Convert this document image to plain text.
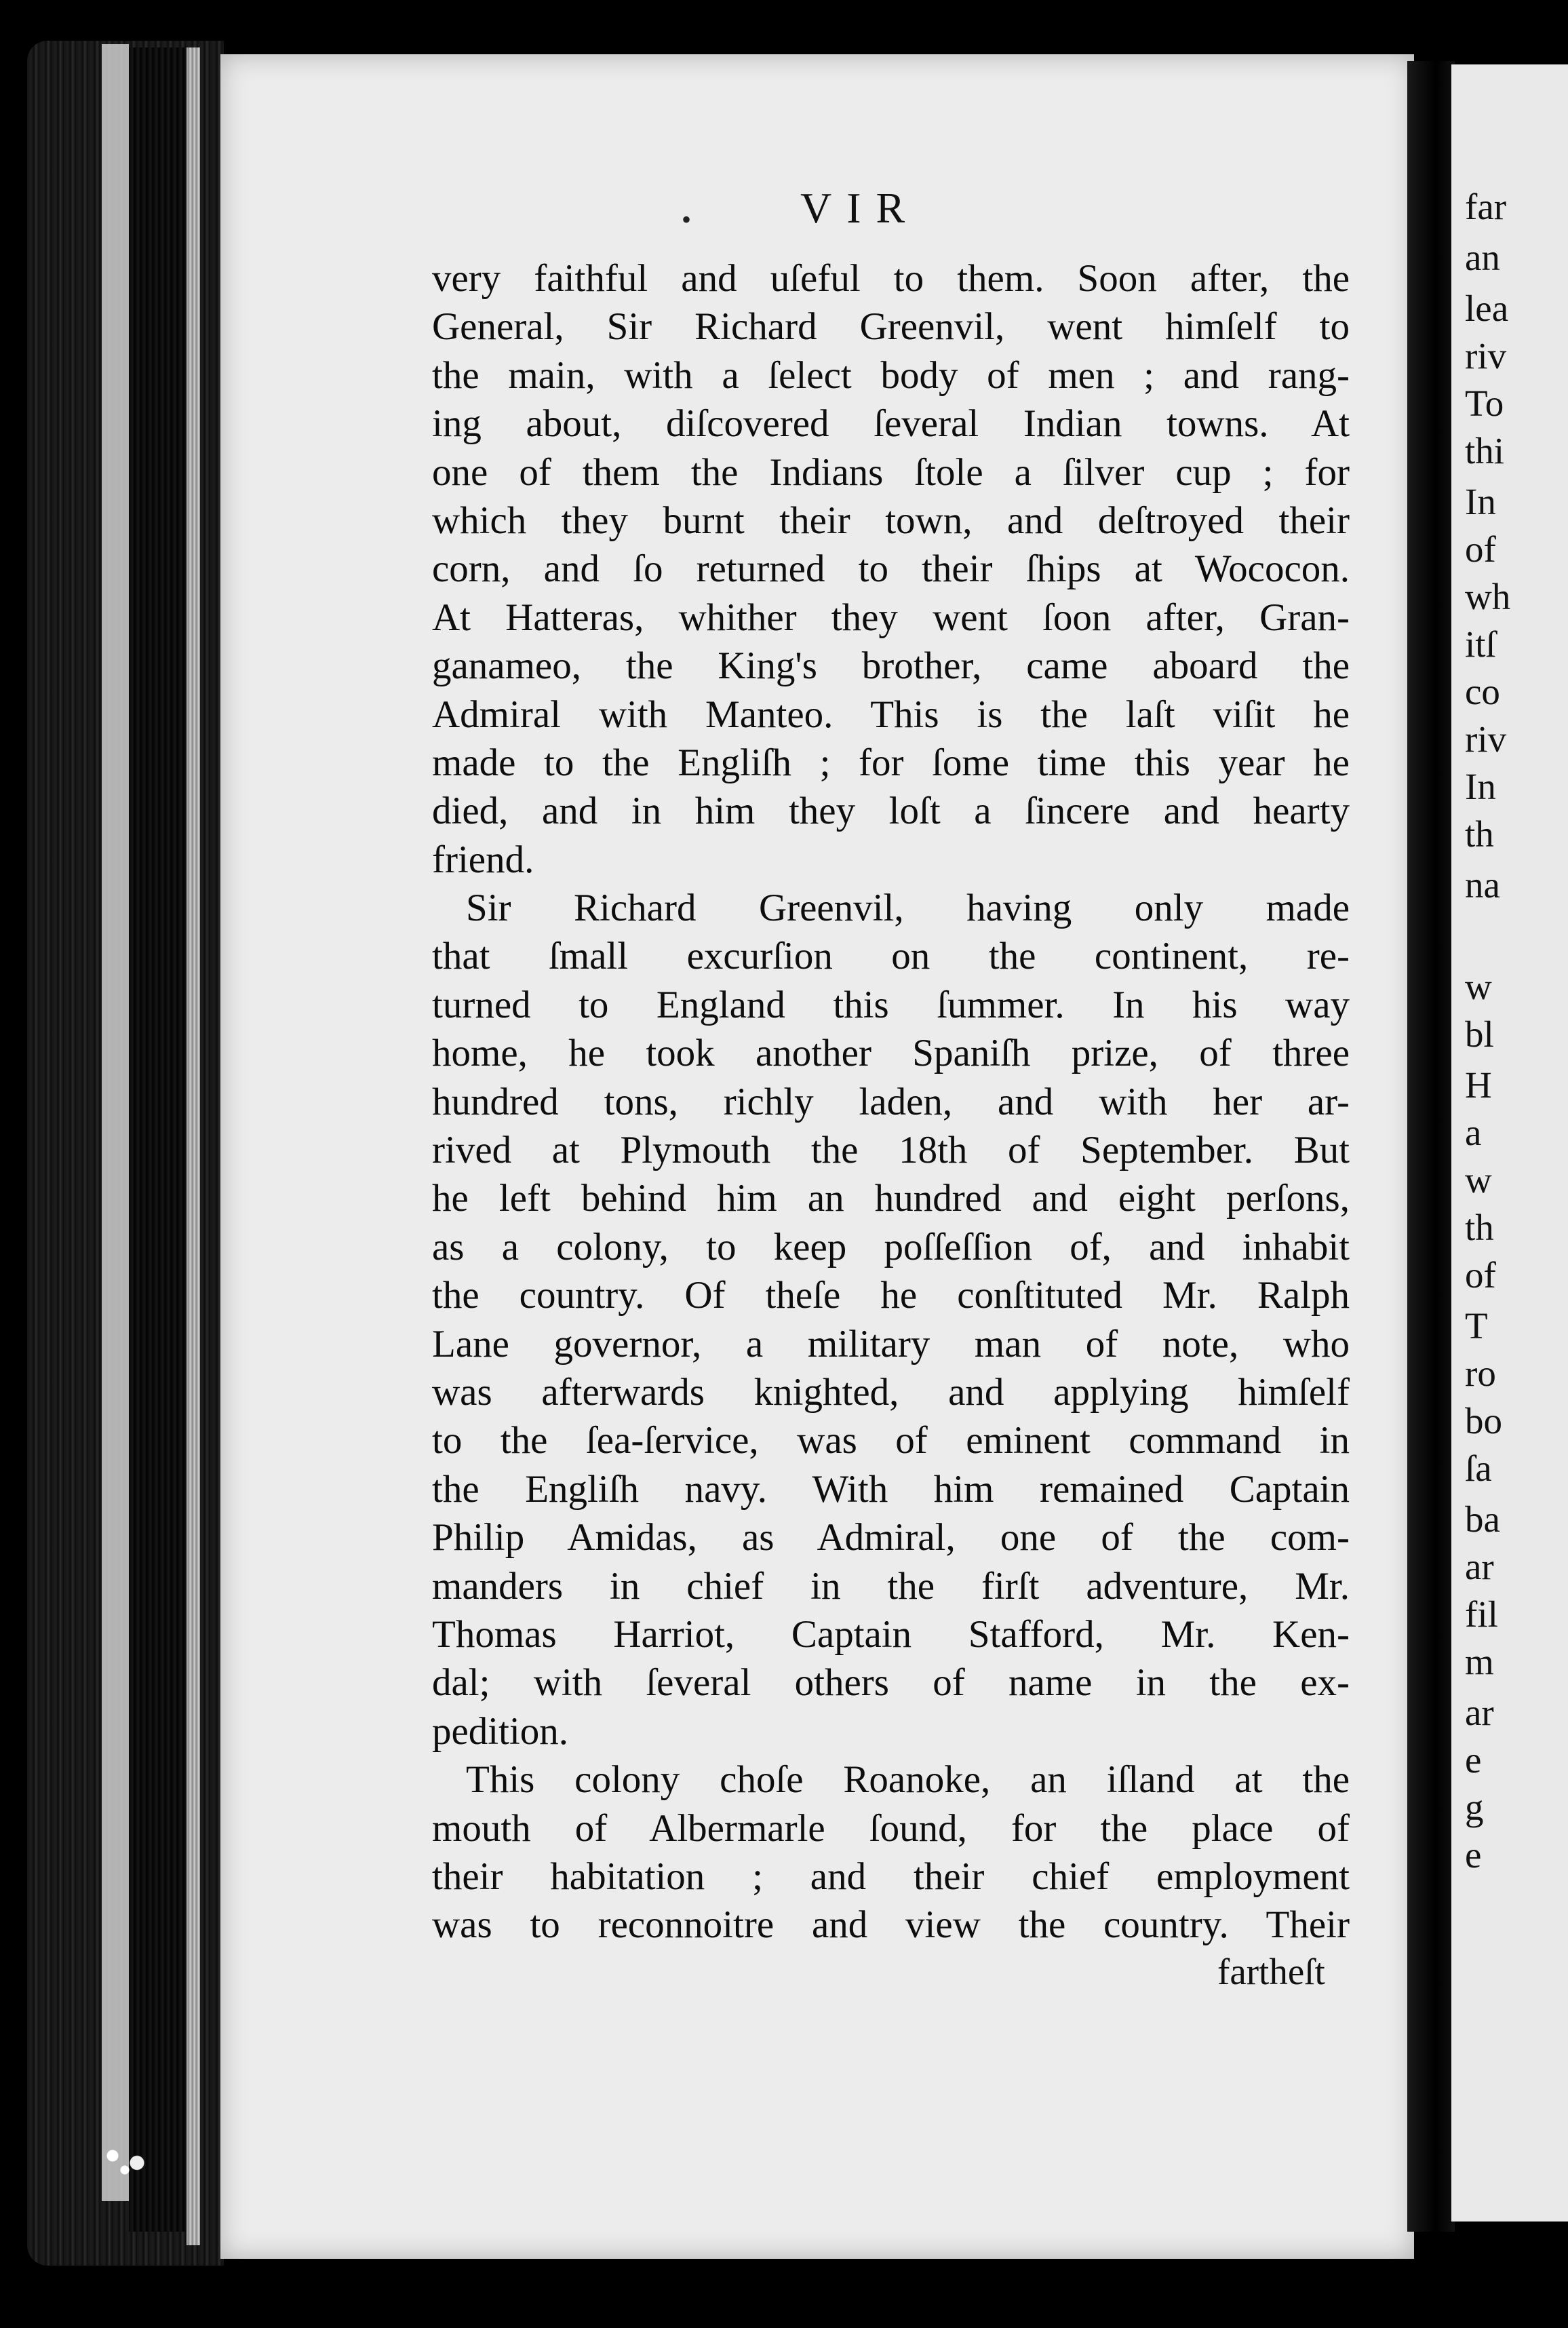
far
an
lea
riv
To
thi
In
of
wh
itſ
co
riv
In
th
na
w
bl
H
a
w
th
of
T
ro
bo
ſa
ba
ar
fil
m
ar
e
g
e
•	VIR
very faithful and uſeful to them. Soon after, the
General, Sir Richard Greenvil, went himſelf to
the main, with a ſelect body of men ; and rang-
ing about, diſcovered ſeveral Indian towns. At
one of them the Indians ſtole a ſilver cup ; for
which they burnt their town, and deſtroyed their
corn, and ſo returned to their ſhips at Wococon.
At Hatteras, whither they went ſoon after, Gran-
ganameo, the King's brother, came aboard the
Admiral with Manteo. This is the laſt viſit he
made to the Engliſh ; for ſome time this year he
died, and in him they loſt a ſincere and hearty
friend.
Sir Richard Greenvil, having only made
that ſmall excurſion on the continent, re-
turned to England this ſummer. In his way
home, he took another Spaniſh prize, of three
hundred tons, richly laden, and with her ar-
rived at Plymouth the 18th of September. But
he left behind him an hundred and eight perſons,
as a colony, to keep poſſeſſion of, and inhabit
the country. Of theſe he conſtituted Mr. Ralph
Lane governor, a military man of note, who
was afterwards knighted, and applying himſelf
to the ſea-ſervice, was of eminent command in
the Engliſh navy. With him remained Captain
Philip Amidas, as Admiral, one of the com-
manders in chief in the firſt adventure, Mr.
Thomas Harriot, Captain Stafford, Mr. Ken-
dal; with ſeveral others of name in the ex-
pedition.
This colony choſe Roanoke, an iſland at the
mouth of Albermarle ſound, for the place of
their habitation ; and their chief employment
was to reconnoitre and view the country. Their
fartheſt
